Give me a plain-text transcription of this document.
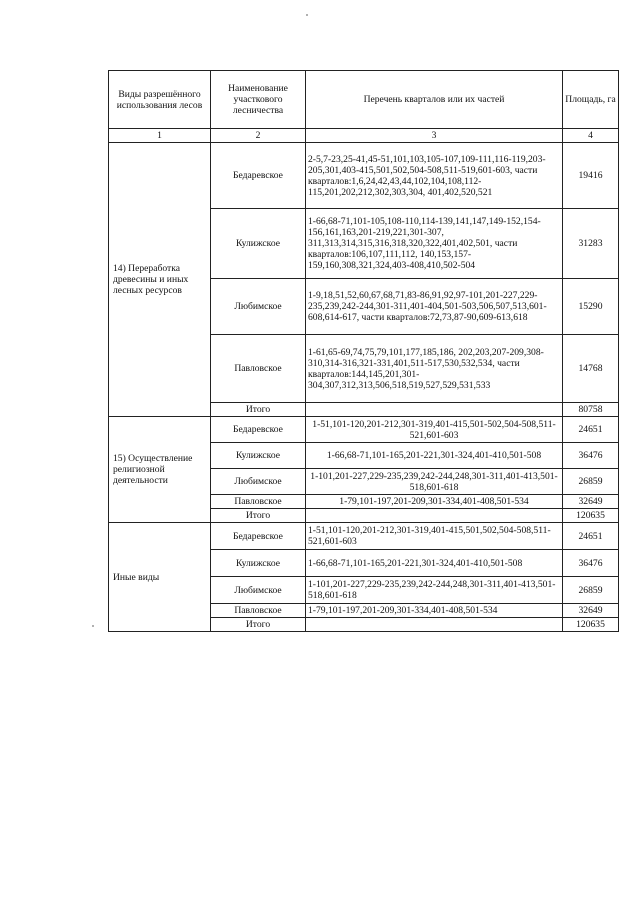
Виды разрешённого использования лесов	Наименование участкового лесничества	Перечень кварталов или их частей	Площадь, га
1	2	3	4
14) Переработка древесины и иных лесных ресурсов	Бедаревское	2-5,7-23,25-41,45-51,101,103,105-107,109-111,116-119,203-205,301,403-415,501,502,504-508,511-519,601-603, части кварталов:1,6,24,42,43,44,102,104,108,112-115,201,202,212,302,303,304, 401,402,520,521	19416
	Кулижское	1-66,68-71,101-105,108-110,114-139,141,147,149-152,154-156,161,163,201-219,221,301-307, 311,313,314,315,316,318,320,322,401,402,501, части кварталов:106,107,111,112, 140,153,157-159,160,308,321,324,403-408,410,502-504	31283
	Любимское	1-9,18,51,52,60,67,68,71,83-86,91,92,97-101,201-227,229-235,239,242-244,301-311,401-404,501-503,506,507,513,601-608,614-617, части кварталов:72,73,87-90,609-613,618	15290
	Павловское	1-61,65-69,74,75,79,101,177,185,186, 202,203,207-209,308-310,314-316,321-331,401,511-517,530,532,534, части кварталов:144,145,201,301-304,307,312,313,506,518,519,527,529,531,533	14768
	Итого		80758
15) Осуществление религиозной деятельности	Бедаревское	1-51,101-120,201-212,301-319,401-415,501-502,504-508,511-521,601-603	24651
	Кулижское	1-66,68-71,101-165,201-221,301-324,401-410,501-508	36476
	Любимское	1-101,201-227,229-235,239,242-244,248,301-311,401-413,501-518,601-618	26859
	Павловское	1-79,101-197,201-209,301-334,401-408,501-534	32649
	Итого		120635
Иные виды	Бедаревское	1-51,101-120,201-212,301-319,401-415,501,502,504-508,511-521,601-603	24651
	Кулижское	1-66,68-71,101-165,201-221,301-324,401-410,501-508	36476
	Любимское	1-101,201-227,229-235,239,242-244,248,301-311,401-413,501-518,601-618	26859
	Павловское	1-79,101-197,201-209,301-334,401-408,501-534	32649
	Итого		120635
